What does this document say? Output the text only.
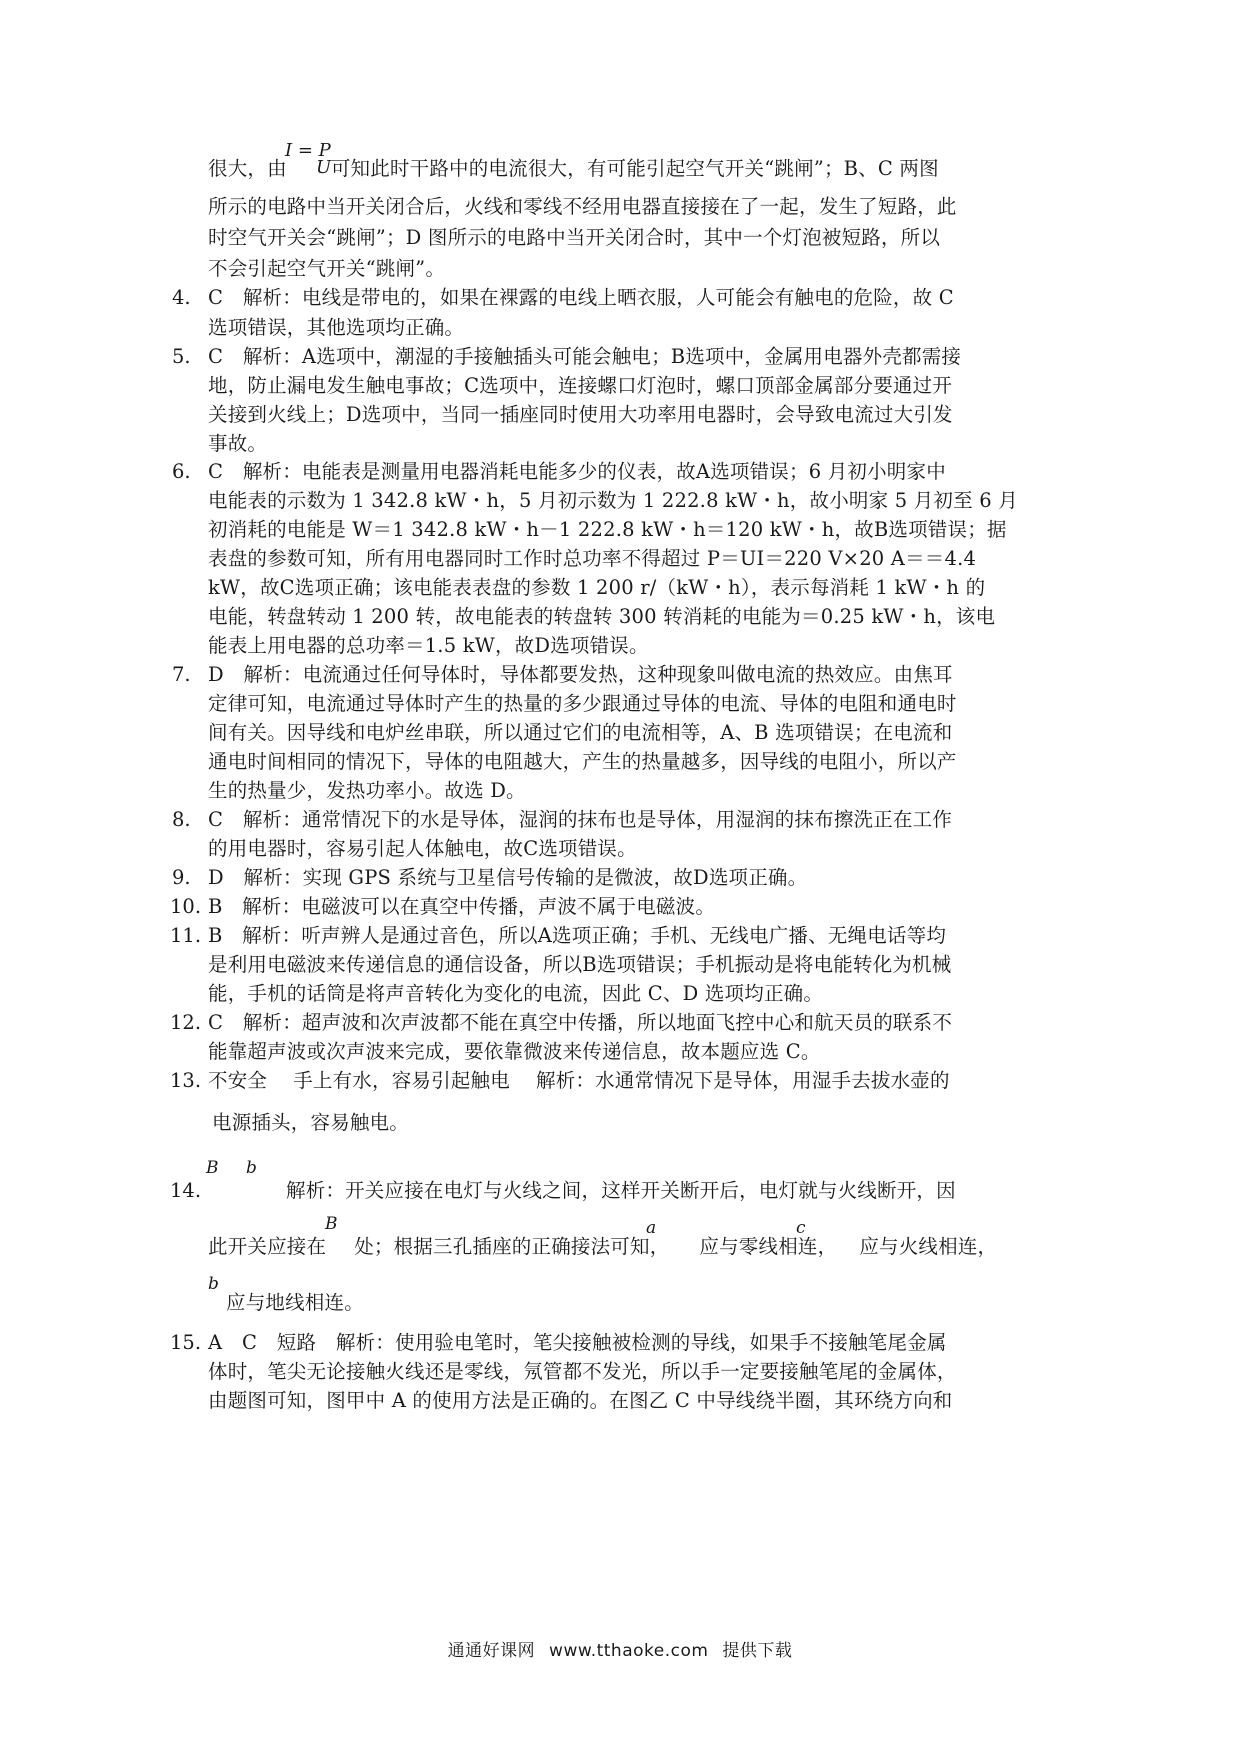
I = P
U
很大，由 可知此时干路中的电流很大，有可能引起空气开关“跳闸”；B、C 两图
所示的电路中当开关闭合后，火线和零线不经用电器直接接在了一起，发生了短路，此
时空气开关会“跳闸”；D 图所示的电路中当开关闭合时，其中一个灯泡被短路，所以
不会引起空气开关“跳闸”。
4. C　解析：电线是带电的，如果在裸露的电线上晒衣服，人可能会有触电的危险，故 C
选项错误，其他选项均正确。
5. C　解析：A选项中，潮湿的手接触插头可能会触电；B选项中，金属用电器外壳都需接
地，防止漏电发生触电事故；C选项中，连接螺口灯泡时，螺口顶部金属部分要通过开
关接到火线上；D选项中，当同一插座同时使用大功率用电器时，会导致电流过大引发
事故。
6. C　解析：电能表是测量用电器消耗电能多少的仪表，故A选项错误；6 月初小明家中
电能表的示数为 1 342.8 kW・h，5 月初示数为 1 222.8 kW・h，故小明家 5 月初至 6 月
初消耗的电能是 W＝1 342.8 kW・h－1 222.8 kW・h＝120 kW・h，故B选项错误；据
表盘的参数可知，所有用电器同时工作时总功率不得超过 P＝UI＝220 V×20 A＝＝4.4
kW，故C选项正确；该电能表表盘的参数 1 200 r/（kW・h），表示每消耗 1 kW・h 的
电能，转盘转动 1 200 转，故电能表的转盘转 300 转消耗的电能为＝0.25 kW・h，该电
能表上用电器的总功率＝1.5 kW，故D选项错误。
7. D　解析：电流通过任何导体时，导体都要发热，这种现象叫做电流的热效应。由焦耳
定律可知，电流通过导体时产生的热量的多少跟通过导体的电流、导体的电阻和通电时
间有关。因导线和电炉丝串联，所以通过它们的电流相等，A、B 选项错误；在电流和
通电时间相同的情况下，导体的电阻越大，产生的热量越多，因导线的电阻小，所以产
生的热量少，发热功率小。故选 D。
8. C　解析：通常情况下的水是导体，湿润的抹布也是导体，用湿润的抹布擦洗正在工作
的用电器时，容易引起人体触电，故C选项错误。
9. D　解析：实现 GPS 系统与卫星信号传输的是微波，故D选项正确。
10. B　解析：电磁波可以在真空中传播，声波不属于电磁波。
11. B　解析：听声辨人是通过音色，所以A选项正确；手机、无线电广播、无绳电话等均
是利用电磁波来传递信息的通信设备，所以B选项错误；手机振动是将电能转化为机械
能，手机的话筒是将声音转化为变化的电流，因此 C、D 选项均正确。
12. C　解析：超声波和次声波都不能在真空中传播，所以地面飞控中心和航天员的联系不
能靠超声波或次声波来完成，要依靠微波来传递信息，故本题应选 C。
13. 不安全　 手上有水，容易引起触电　 解析：水通常情况下是导体，用湿手去拔水壶的
电源插头，容易触电。
B b
14.	解析：开关应接在电灯与火线之间，这样开关断开后，电灯就与火线断开，因
B	a	c
此开关应接在 处；根据三孔插座的正确接法可知， 应与零线相连， 应与火线相连，
b
应与地线相连。
15. A　C　短路　解析：使用验电笔时，笔尖接触被检测的导线，如果手不接触笔尾金属
体时，笔尖无论接触火线还是零线，氖管都不发光，所以手一定要接触笔尾的金属体，
由题图可知，图甲中 A 的使用方法是正确的。在图乙 C 中导线绕半圈，其环绕方向和
通通好课网 www.tthaoke.com 提供下载
